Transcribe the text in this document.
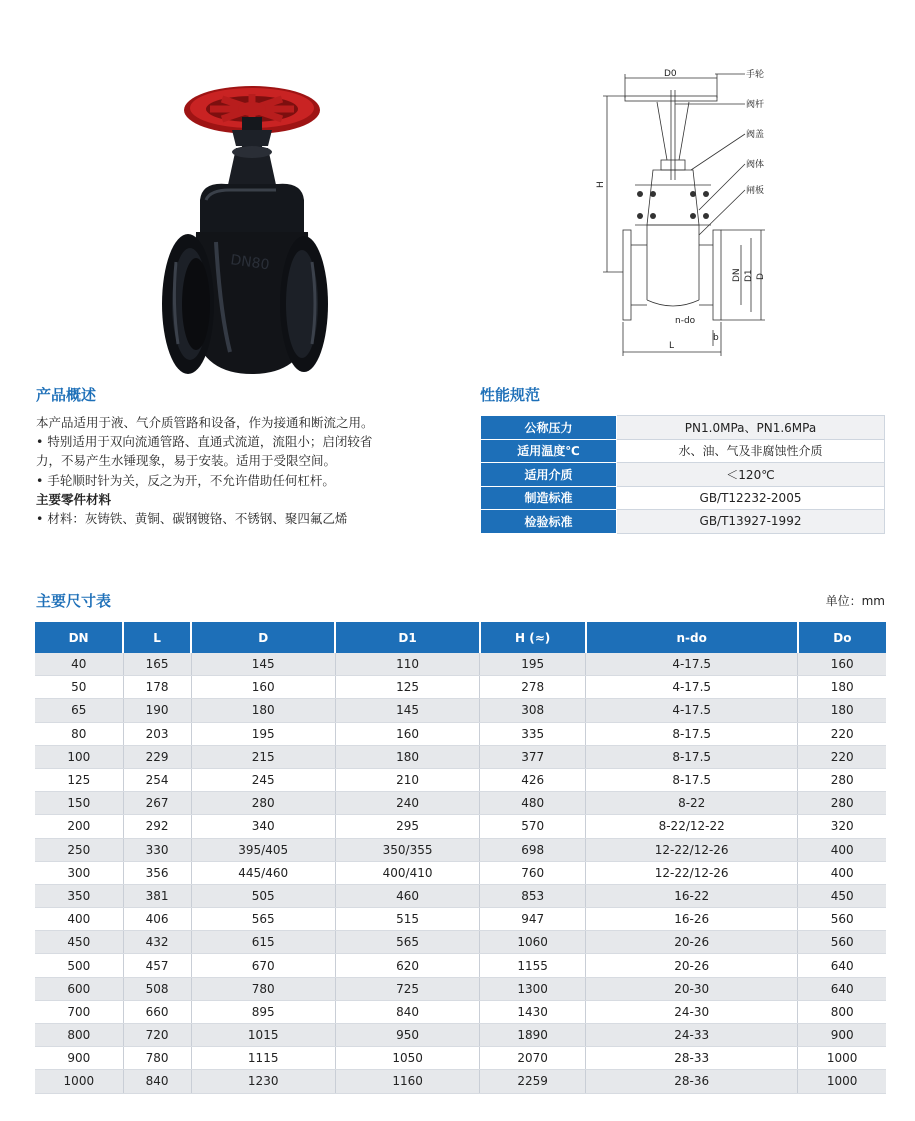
DN80
D0	手轮
阀杆
阀盖
阀体
闸板
H
DN D1 D
n-do
b
L
产品概述

本产品适用于液、气介质管路和设备，作为接通和断流之用。

• 特别适用于双向流通管路、直通式流道，流阻小；启闭较省

力，不易产生水锤现象，易于安装。适用于受限空间。

• 手轮顺时针为关，反之为开，不允许借助任何杠杆。

主要零件材料

• 材料：灰铸铁、黄铜、碳钢镀铬、不锈钢、聚四氟乙烯

性能规范
公称压力	PN1.0MPa、PN1.6MPa
适用温度℃	水、油、气及非腐蚀性介质
适用介质	＜120℃
制造标准	GB/T12232-2005
检验标准	GB/T13927-1992
主要尺寸表	单位：mm
DN	L	D	D1	H (≈)	n-do	Do
40	165	145	110	195	4-17.5	160
50	178	160	125	278	4-17.5	180
65	190	180	145	308	4-17.5	180
80	203	195	160	335	8-17.5	220
100	229	215	180	377	8-17.5	220
125	254	245	210	426	8-17.5	280
150	267	280	240	480	8-22	280
200	292	340	295	570	8-22/12-22	320
250	330	395/405	350/355	698	12-22/12-26	400
300	356	445/460	400/410	760	12-22/12-26	400
350	381	505	460	853	16-22	450
400	406	565	515	947	16-26	560
450	432	615	565	1060	20-26	560
500	457	670	620	1155	20-26	640
600	508	780	725	1300	20-30	640
700	660	895	840	1430	24-30	800
800	720	1015	950	1890	24-33	900
900	780	1115	1050	2070	28-33	1000
1000	840	1230	1160	2259	28-36	1000
